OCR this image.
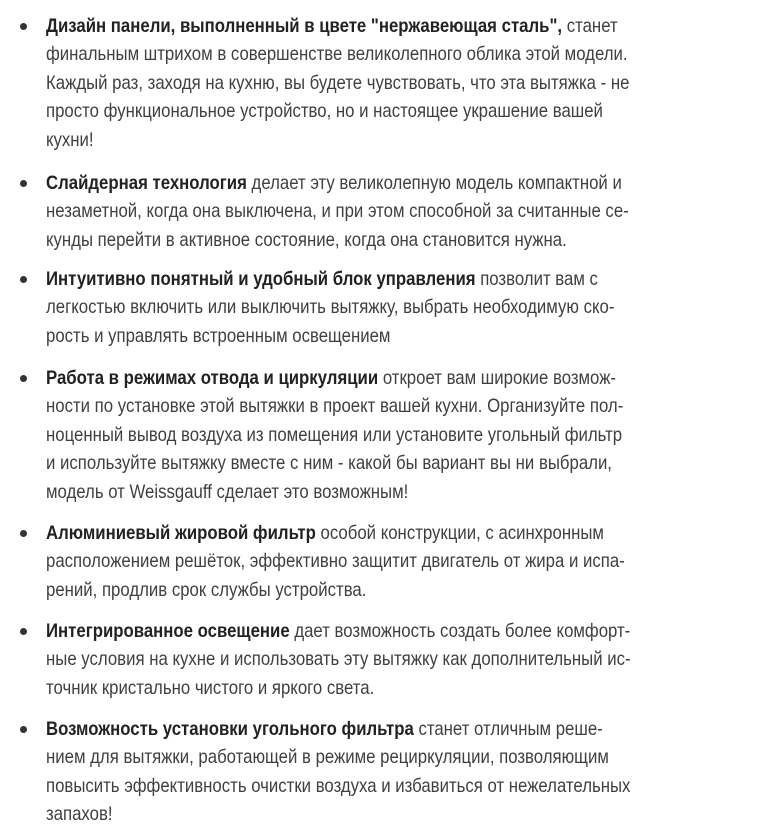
Дизайн панели, выполненный в цвете "нержавеющая сталь", станет
финальным штрихом в совершенстве великолепного облика этой модели.
Каждый раз, заходя на кухню, вы будете чувствовать, что эта вытяжка - не
просто функциональное устройство, но и настоящее украшение вашей
кухни!
Слайдерная технология делает эту великолепную модель компактной и
незаметной, когда она выключена, и при этом способной за считанные се-
кунды перейти в активное состояние, когда она становится нужна.
Интуитивно понятный и удобный блок управления позволит вам с
легкостью включить или выключить вытяжку, выбрать необходимую ско-
рость и управлять встроенным освещением
Работа в режимах отвода и циркуляции откроет вам широкие возмож-
ности по установке этой вытяжки в проект вашей кухни. Организуйте пол-
ноценный вывод воздуха из помещения или установите угольный фильтр
и используйте вытяжку вместе с ним - какой бы вариант вы ни выбрали,
модель от Weissgauff сделает это возможным!
Алюминиевый жировой фильтр особой конструкции, с асинхронным
расположением решёток, эффективно защитит двигатель от жира и испа-
рений, продлив срок службы устройства.
Интегрированное освещение дает возможность создать более комфорт-
ные условия на кухне и использовать эту вытяжку как дополнительный ис-
точник кристально чистого и яркого света.
Возможность установки угольного фильтра станет отличным реше-
нием для вытяжки, работающей в режиме рециркуляции, позволяющим
повысить эффективность очистки воздуха и избавиться от нежелательных
запахов!
